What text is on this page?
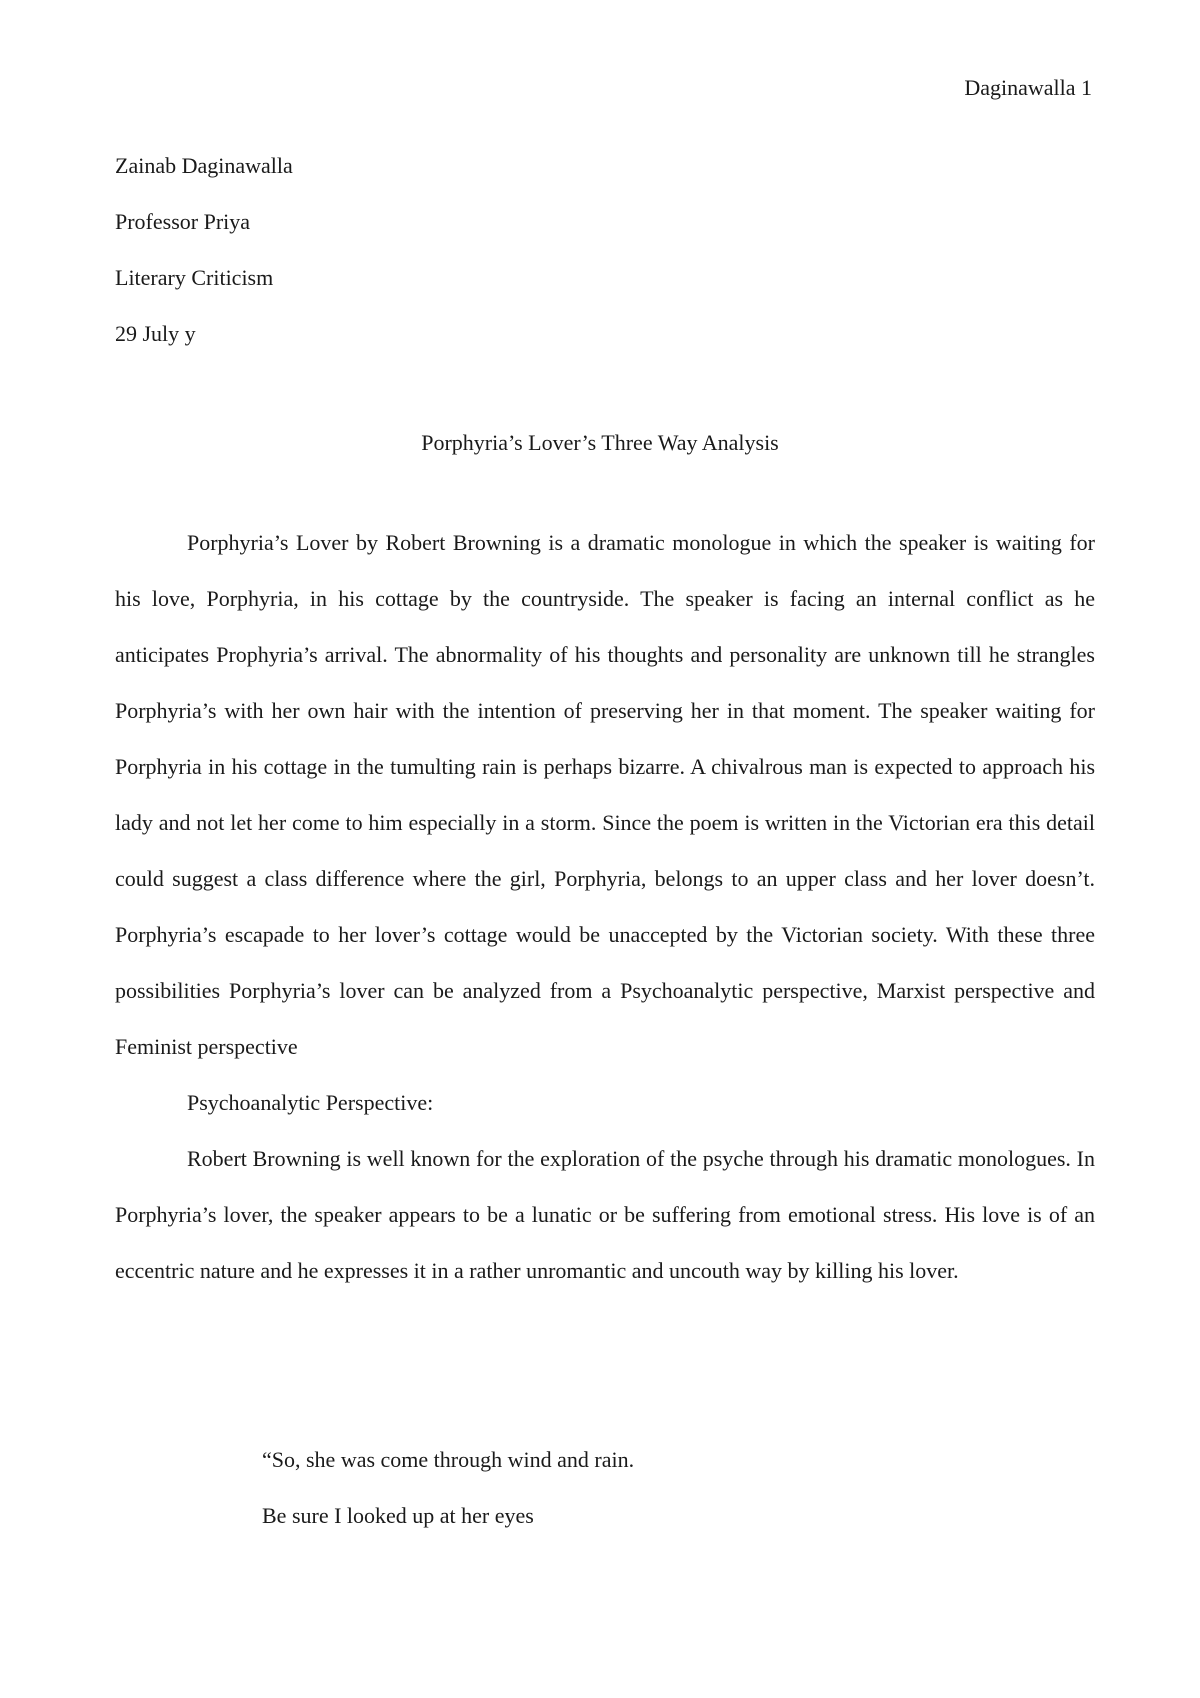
Daginawalla 1
Zainab Daginawalla
Professor Priya
Literary Criticism
29 July y
Porphyria’s Lover’s Three Way Analysis

Porphyria’s Lover by Robert Browning is a dramatic monologue in which the speaker is waiting for his love, Porphyria, in his cottage by the countryside. The speaker is facing an internal conflict as he anticipates Prophyria’s arrival. The abnormality of his thoughts and personality are unknown till he strangles Porphyria’s with her own hair with the intention of preserving her in that moment. The speaker waiting for Porphyria in his cottage in the tumulting rain is perhaps bizarre. A chivalrous man is expected to approach his lady and not let her come to him especially in a storm. Since the poem is written in the Victorian era this detail could suggest a class difference where the girl, Porphyria, belongs to an upper class and her lover doesn’t. Porphyria’s escapade to her lover’s cottage would be unaccepted by the Victorian society. With these three possibilities Porphyria’s lover can be analyzed from a Psychoanalytic perspective, Marxist perspective and Feminist perspective

Psychoanalytic Perspective:

Robert Browning is well known for the exploration of the psyche through his dramatic monologues. In Porphyria’s lover, the speaker appears to be a lunatic or be suffering from emotional stress. His love is of an eccentric nature and he expresses it in a rather unromantic and uncouth way by killing his lover.

“So, she was come through wind and rain.
Be sure I looked up at her eyes
